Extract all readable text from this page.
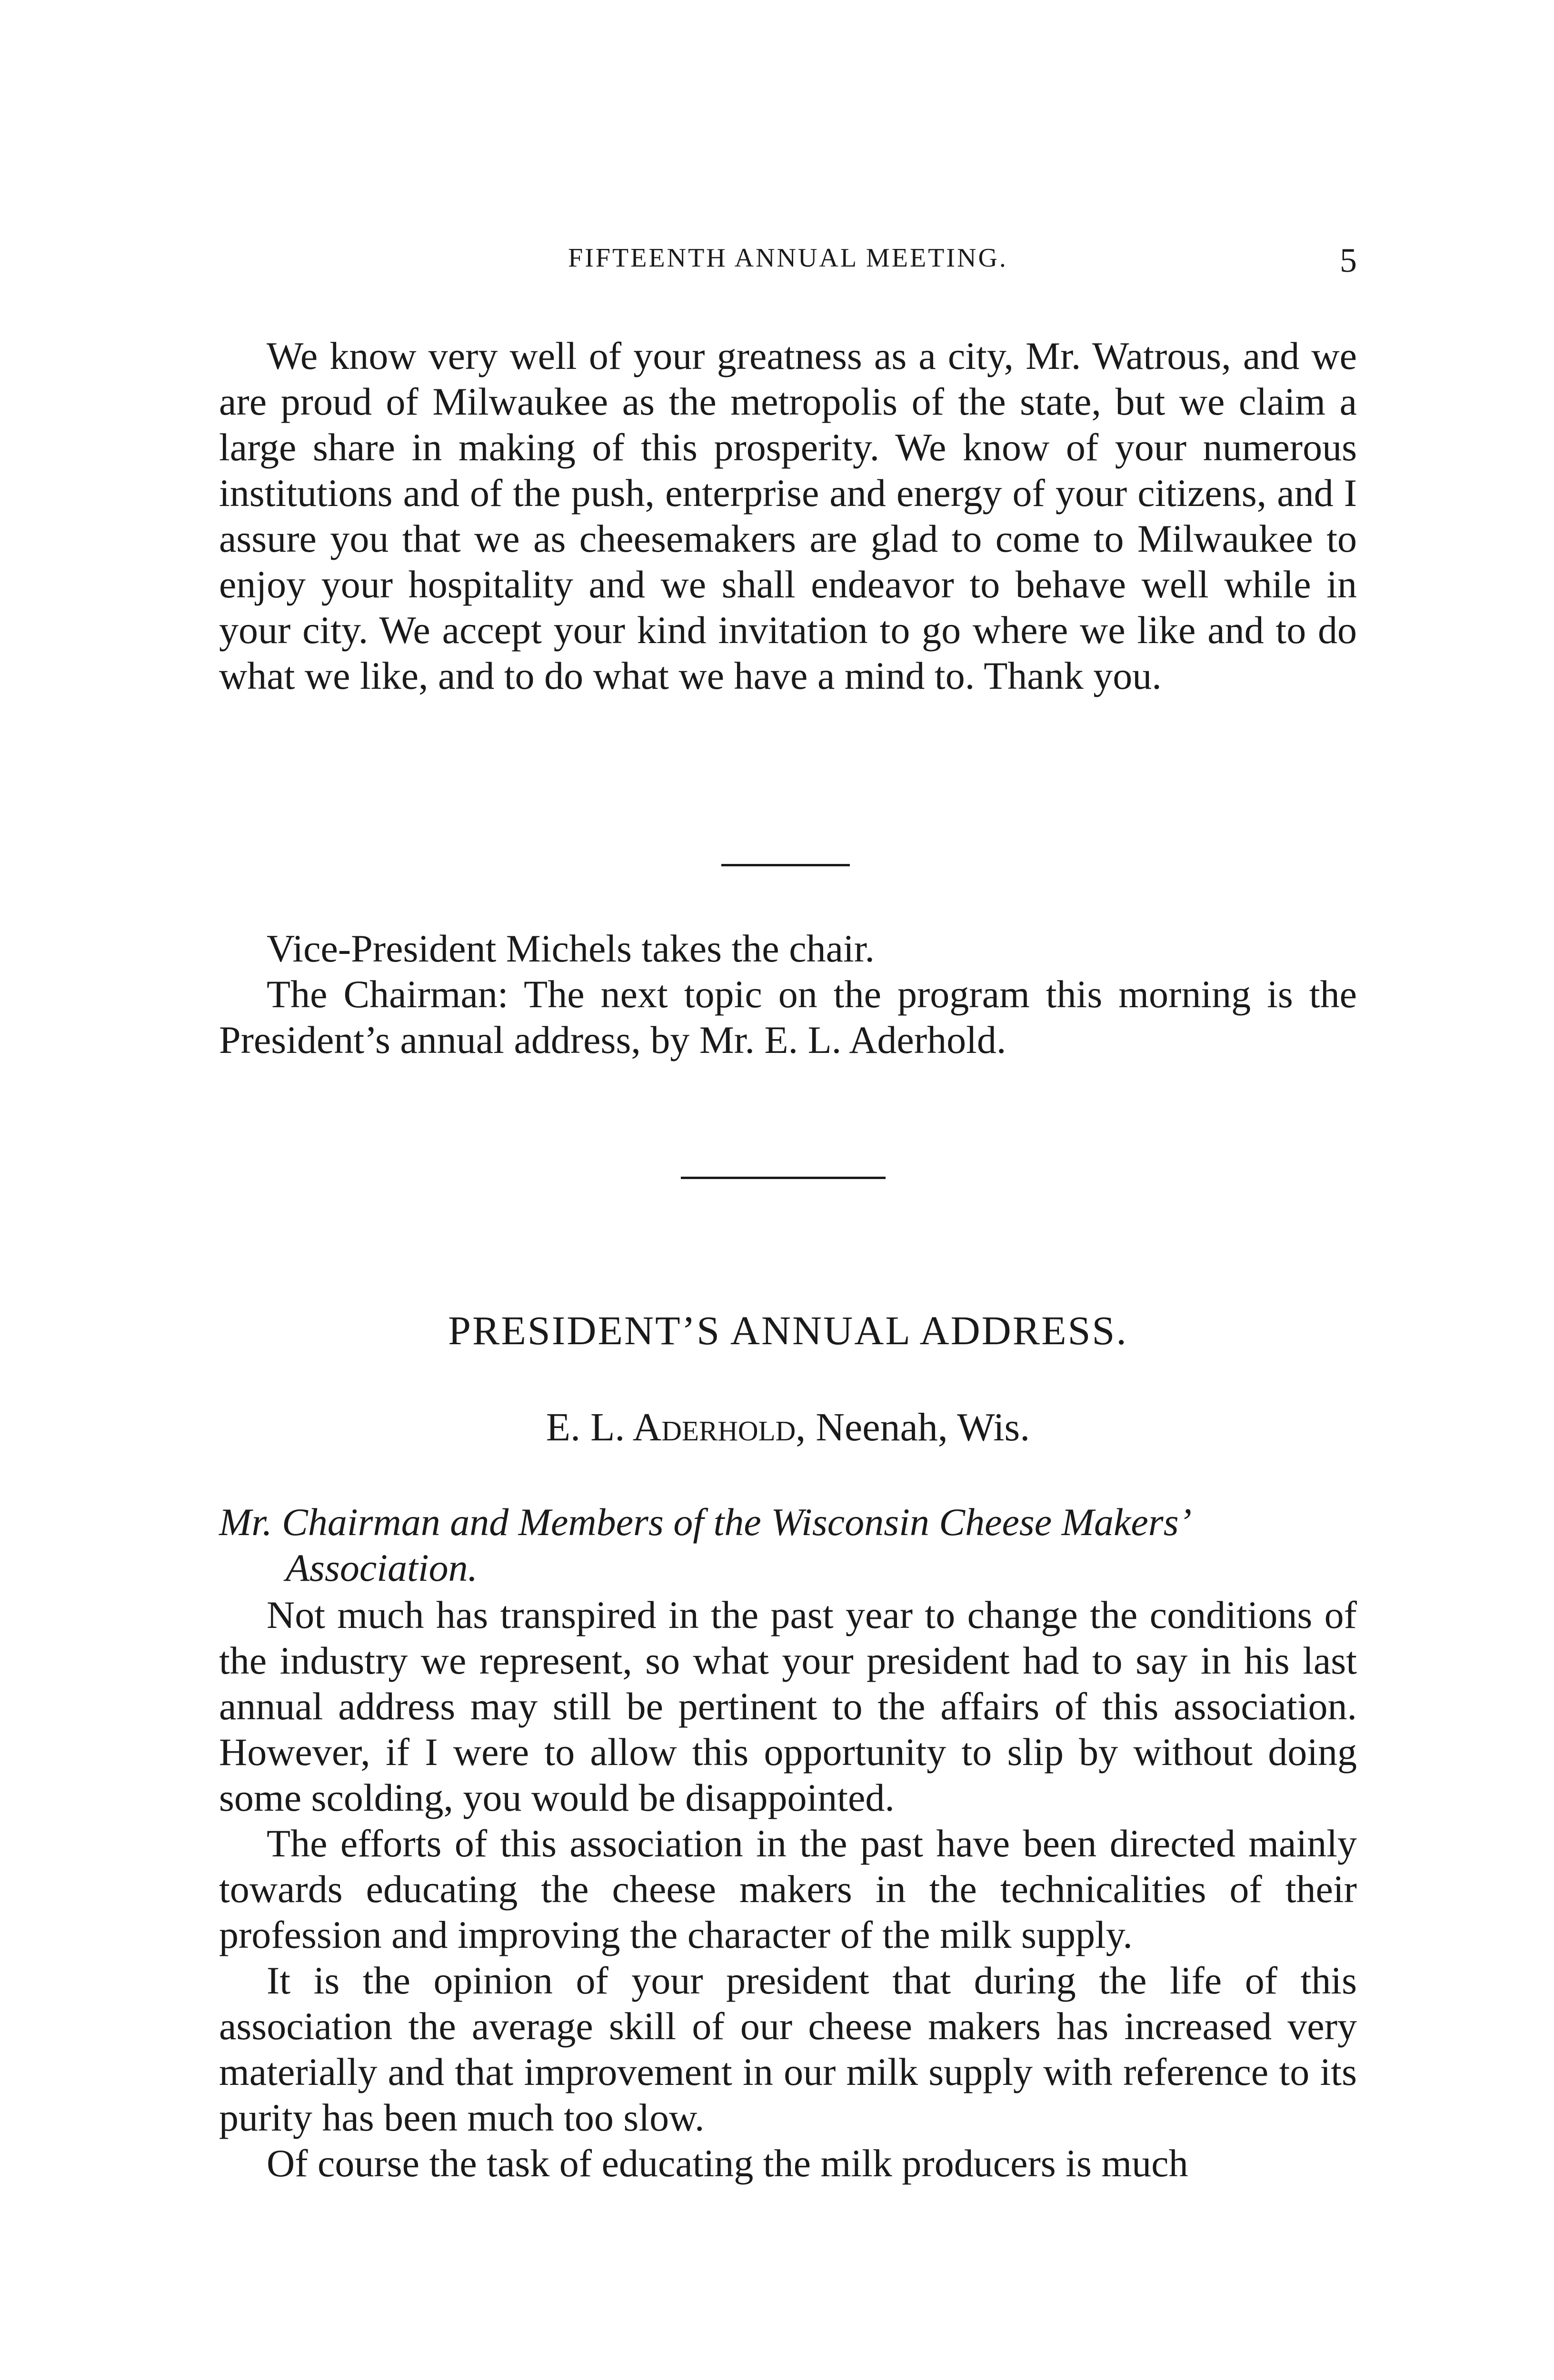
FIFTEENTH ANNUAL MEETING.	5

We know very well of your greatness as a city, Mr. Watrous, and we are proud of Milwaukee as the metropolis of the state, but we claim a large share in making of this prosperity. We know of your numerous institutions and of the push, enterprise and energy of your citizens, and I assure you that we as cheesemakers are glad to come to Milwaukee to enjoy your hospitality and we shall endeavor to behave well while in your city. We accept your kind invitation to go where we like and to do what we like, and to do what we have a mind to. Thank you.

Vice-President Michels takes the chair.

The Chairman: The next topic on the program this morning is the President’s annual address, by Mr. E. L. Aderhold.

PRESIDENT’S ANNUAL ADDRESS.
E. L. Aderhold, Neenah, Wis.
Mr. Chairman and Members of the Wisconsin Cheese Makers’ Association.

Not much has transpired in the past year to change the conditions of the industry we represent, so what your president had to say in his last annual address may still be pertinent to the affairs of this association. However, if I were to allow this opportunity to slip by without doing some scolding, you would be disappointed.

The efforts of this association in the past have been directed mainly towards educating the cheese makers in the technicalities of their profession and improving the character of the milk supply.

It is the opinion of your president that during the life of this association the average skill of our cheese makers has increased very materially and that improvement in our milk supply with reference to its purity has been much too slow.

Of course the task of educating the milk producers is much
